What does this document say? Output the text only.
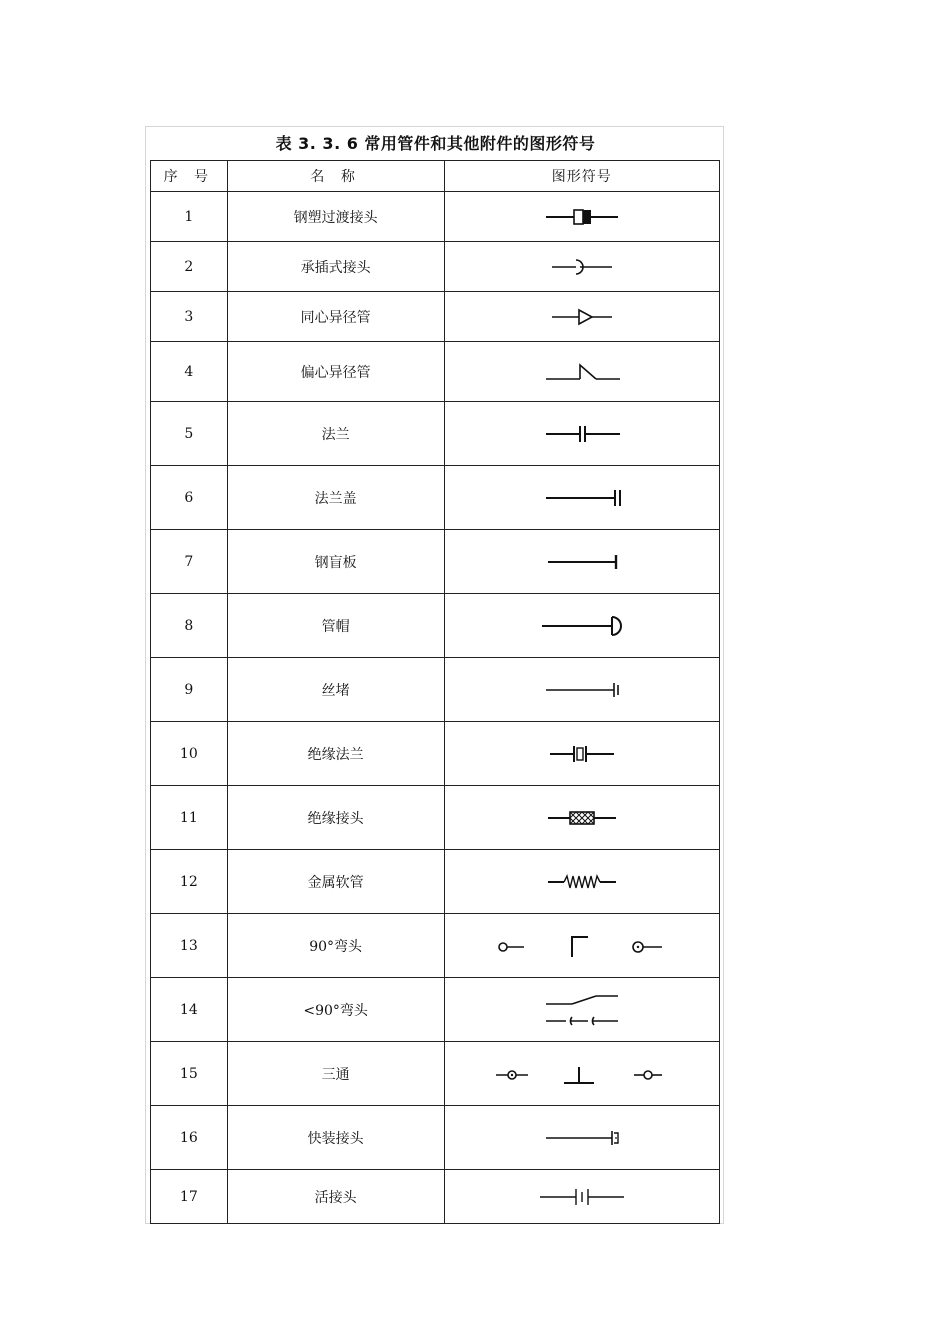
表 3. 3. 6 常用管件和其他附件的图形符号
序 号	名 称	图形符号
1	钢塑过渡接头	

2	承插式接头	

3	同心异径管	

4	偏心异径管	

5	法兰	

6	法兰盖	

7	钢盲板	

8	管帽	

9	丝堵	

10	绝缘法兰	

11	绝缘接头	

12	金属软管	

13	90°弯头	

14	<90°弯头	

15	三通	

16	快装接头	

17	活接头	
